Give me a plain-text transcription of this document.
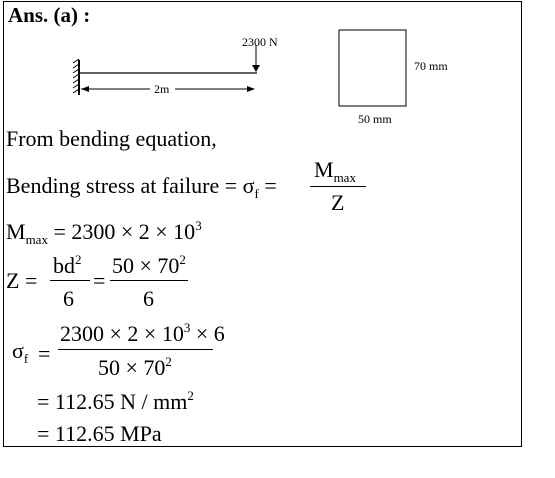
Ans. (a) :
2300 N
2m
70 mm
50 mm
From bending equation,
Bending stress at failure = $\sigma_f$ =
$M_{max}$
Z
$M_{max} = 2300 \times 2 \times 10^3$
Z =
$bd^2$
6
=
$50 \times 70^2$
6
$\sigma_f$ =
$2300 \times 2 \times 10^3 \times 6$
$50 \times 70^2$
= 112.65 N / $mm^2$
= 112.65 MPa
